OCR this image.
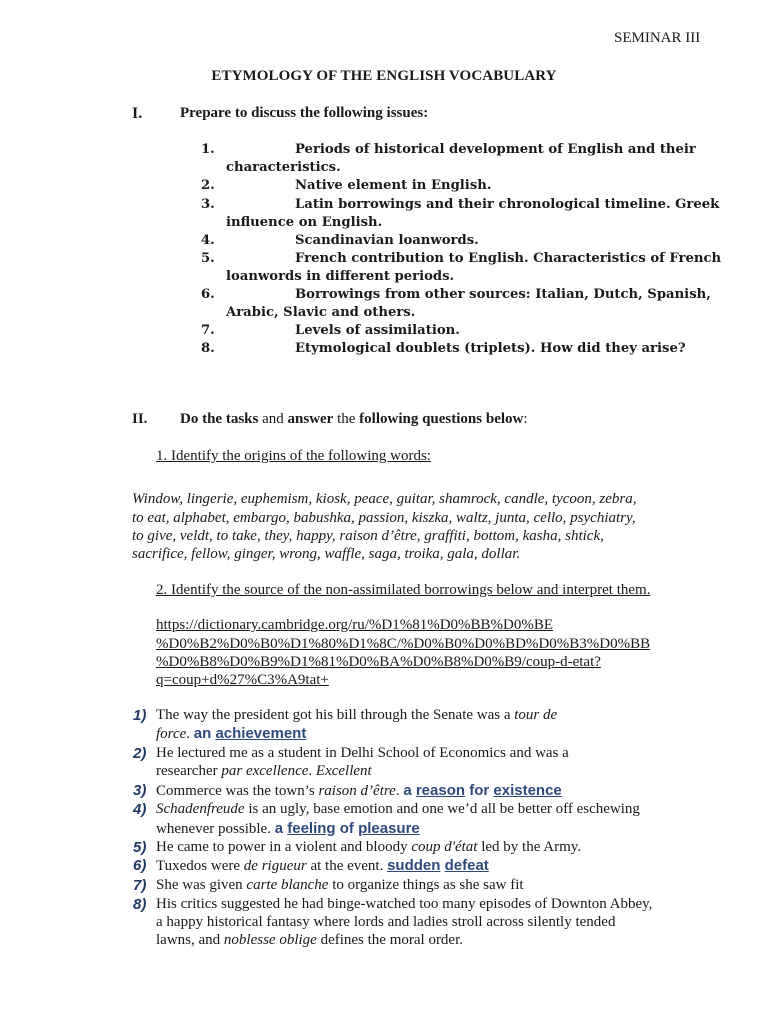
SEMINAR III
ETYMOLOGY OF THE ENGLISH VOCABULARY
I.	Prepare to discuss the following issues:
1.	Periods of historical development of English and their
characteristics.
2.	Native element in English.
3.	Latin borrowings and their chronological timeline. Greek
influence on English.
4.	Scandinavian loanwords.
5.	French contribution to English. Characteristics of French
loanwords in different periods.
6.	Borrowings from other sources: Italian, Dutch, Spanish,
Arabic, Slavic and others.
7.	Levels of assimilation.
8.	Etymological doublets (triplets). How did they arise?
II. Do the tasks and answer the following questions below:
1. Identify the origins of the following words:
Window, lingerie, euphemism, kiosk, peace, guitar, shamrock, candle, tycoon, zebra,
to eat, alphabet, embargo, babushka, passion, kiszka, waltz, junta, cello, psychiatry,
to give, veldt, to take, they, happy, raison d’être, graffiti, bottom, kasha, shtick,
sacrifice, fellow, ginger, wrong, waffle, saga, troika, gala, dollar.
2. Identify the source of the non-assimilated borrowings below and interpret them.
https://dictionary.cambridge.org/ru/%D1%81%D0%BB%D0%BE
%D0%B2%D0%B0%D1%80%D1%8C/%D0%B0%D0%BD%D0%B3%D0%BB
%D0%B8%D0%B9%D1%81%D0%BA%D0%B8%D0%B9/coup-d-etat?
q=coup+d%27%C3%A9tat+
1) The way the president got his bill through the Senate was a tour de
force. an achievement
2) He lectured me as a student in Delhi School of Economics and was a
researcher par excellence. Excellent
3) Commerce was the town’s raison d’être. a reason for existence
4) Schadenfreude is an ugly, base emotion and one we’d all be better off eschewing
whenever possible. a feeling of pleasure
5) He came to power in a violent and bloody coup d'état led by the Army.
6) Tuxedos were de rigueur at the event. sudden defeat
7) She was given carte blanche to organize things as she saw fit
8) His critics suggested he had binge-watched too many episodes of Downton Abbey,
a happy historical fantasy where lords and ladies stroll across silently tended
lawns, and noblesse oblige defines the moral order.
